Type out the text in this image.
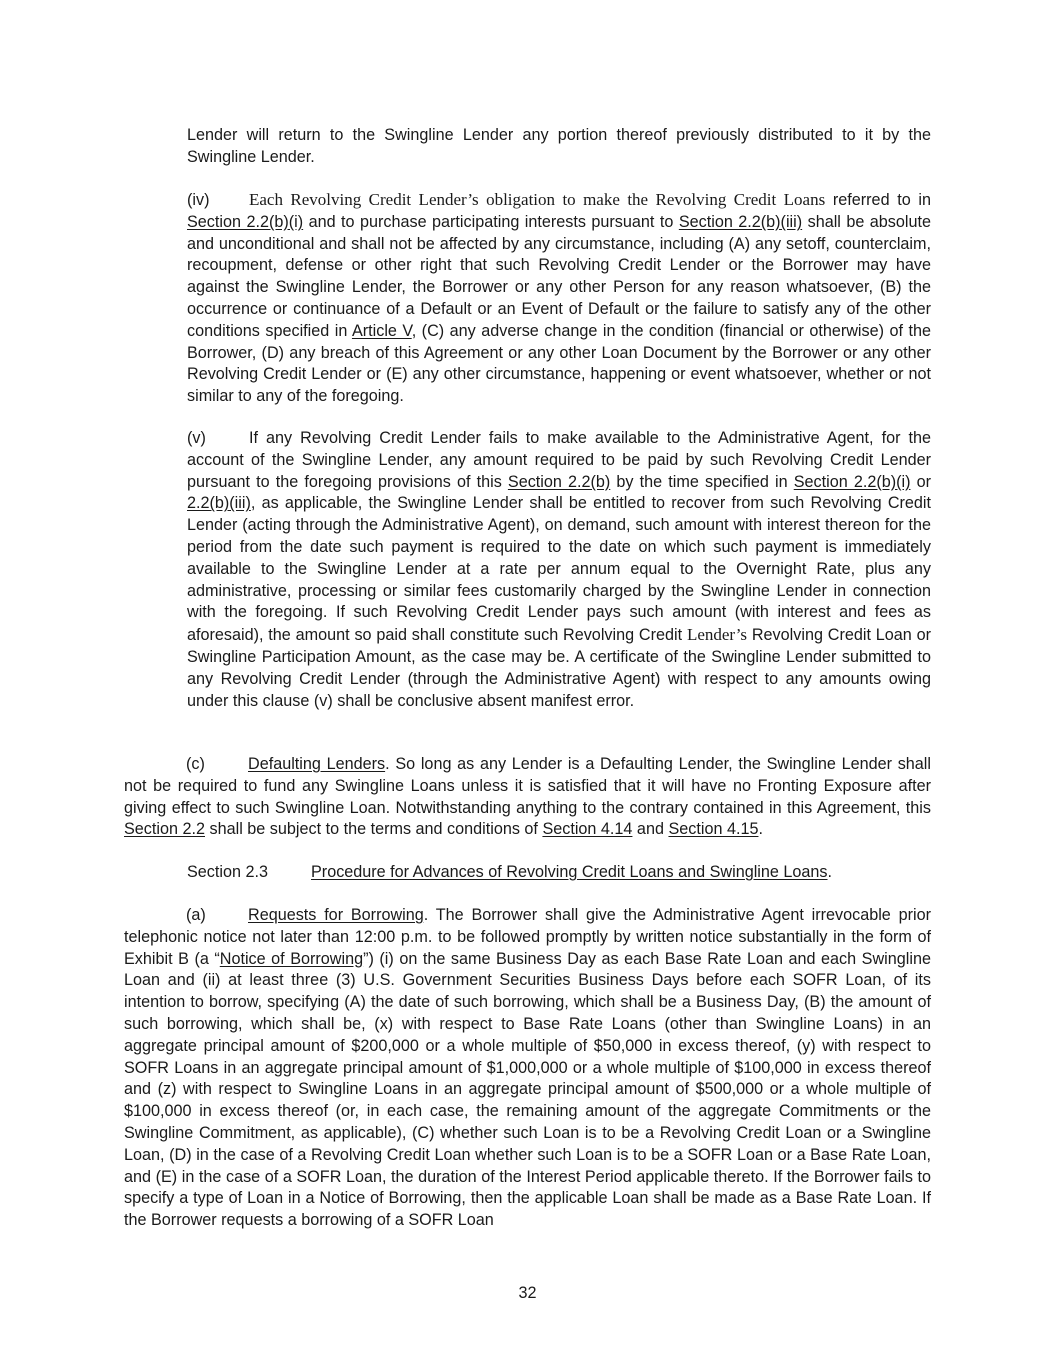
Lender will return to the Swingline Lender any portion thereof previously distributed to it by the Swingline Lender.

(iv) Each Revolving Credit Lender’s obligation to make the Revolving Credit Loans referred to in Section 2.2(b)(i) and to purchase participating interests pursuant to Section 2.2(b)(iii) shall be absolute and unconditional and shall not be affected by any circumstance, including (A) any setoff, counterclaim, recoupment, defense or other right that such Revolving Credit Lender or the Borrower may have against the Swingline Lender, the Borrower or any other Person for any reason whatsoever, (B) the occurrence or continuance of a Default or an Event of Default or the failure to satisfy any of the other conditions specified in Article V, (C) any adverse change in the condition (financial or otherwise) of the Borrower, (D) any breach of this Agreement or any other Loan Document by the Borrower or any other Revolving Credit Lender or (E) any other circumstance, happening or event whatsoever, whether or not similar to any of the foregoing.

(v)	If any Revolving Credit Lender fails to make available to the Administrative Agent, for the account of the Swingline Lender, any amount required to be paid by such Revolving Credit Lender pursuant to the foregoing provisions of this Section 2.2(b) by the time specified in Section 2.2(b)(i) or 2.2(b)(iii), as applicable, the Swingline Lender shall be entitled to recover from such Revolving Credit Lender (acting through the Administrative Agent), on demand, such amount with interest thereon for the period from the date such payment is required to the date on which such payment is immediately available to the Swingline Lender at a rate per annum equal to the Overnight Rate, plus any administrative, processing or similar fees customarily charged by the Swingline Lender in connection with the foregoing. If such Revolving Credit Lender pays such amount (with interest and fees as aforesaid), the amount so paid shall constitute such Revolving Credit Lender’s Revolving Credit Loan or Swingline Participation Amount, as the case may be. A certificate of the Swingline Lender submitted to any Revolving Credit Lender (through the Administrative Agent) with respect to any amounts owing under this clause (v) shall be conclusive absent manifest error.

(c)	Defaulting Lenders. So long as any Lender is a Defaulting Lender, the Swingline Lender shall not be required to fund any Swingline Loans unless it is satisfied that it will have no Fronting Exposure after giving effect to such Swingline Loan. Notwithstanding anything to the contrary contained in this Agreement, this Section 2.2 shall be subject to the terms and conditions of Section 4.14 and Section 4.15.

Section 2.3	Procedure for Advances of Revolving Credit Loans and Swingline Loans.

(a)	Requests for Borrowing. The Borrower shall give the Administrative Agent irrevocable prior telephonic notice not later than 12:00 p.m. to be followed promptly by written notice substantially in the form of Exhibit B (a “Notice of Borrowing”) (i) on the same Business Day as each Base Rate Loan and each Swingline Loan and (ii) at least three (3) U.S. Government Securities Business Days before each SOFR Loan, of its intention to borrow, specifying (A) the date of such borrowing, which shall be a Business Day, (B) the amount of such borrowing, which shall be, (x) with respect to Base Rate Loans (other than Swingline Loans) in an aggregate principal amount of $200,000 or a whole multiple of $50,000 in excess thereof, (y) with respect to SOFR Loans in an aggregate principal amount of $1,000,000 or a whole multiple of $100,000 in excess thereof and (z) with respect to Swingline Loans in an aggregate principal amount of $500,000 or a whole multiple of $100,000 in excess thereof (or, in each case, the remaining amount of the aggregate Commitments or the Swingline Commitment, as applicable), (C) whether such Loan is to be a Revolving Credit Loan or a Swingline Loan, (D) in the case of a Revolving Credit Loan whether such Loan is to be a SOFR Loan or a Base Rate Loan, and (E) in the case of a SOFR Loan, the duration of the Interest Period applicable thereto. If the Borrower fails to specify a type of Loan in a Notice of Borrowing, then the applicable Loan shall be made as a Base Rate Loan. If the Borrower requests a borrowing of a SOFR Loan

32
